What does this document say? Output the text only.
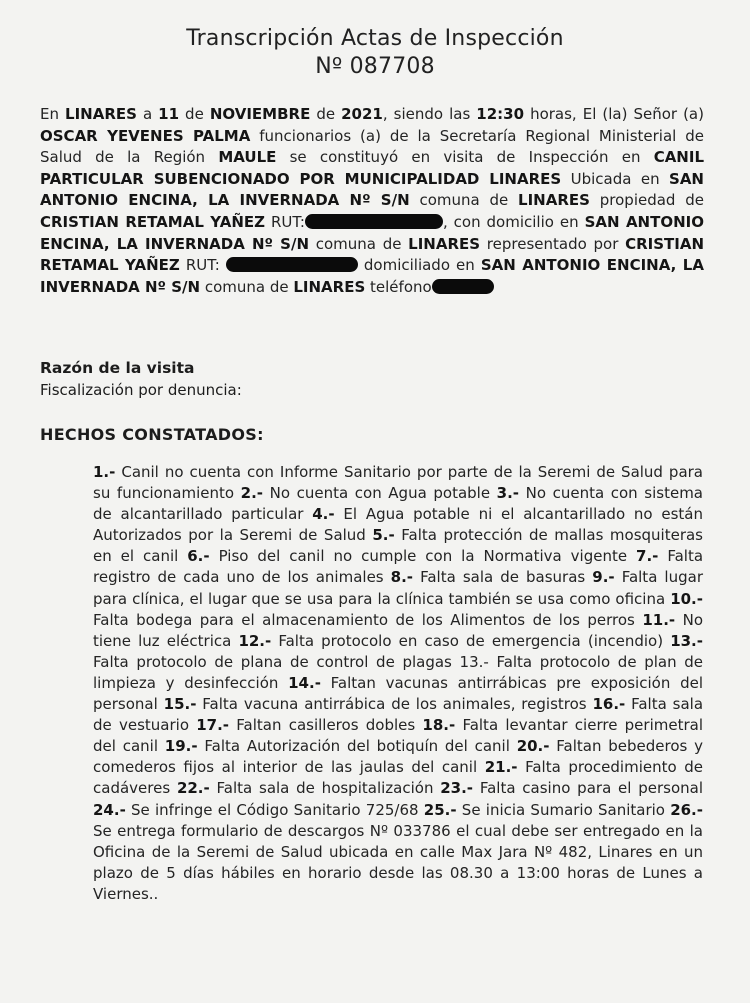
Transcripción Actas de Inspección
Nº 087708
En LINARES a 11 de NOVIEMBRE de 2021, siendo las 12:30 horas, El (la) Señor (a) OSCAR YEVENES PALMA funcionarios (a) de la Secretaría Regional Ministerial de Salud de la Región MAULE se constituyó en visita de Inspección en CANIL PARTICULAR SUBENCIONADO POR MUNICIPALIDAD LINARES Ubicada en SAN ANTONIO ENCINA, LA INVERNADA Nº S/N comuna de LINARES propiedad de CRISTIAN RETAMAL YAÑEZ RUT:	, con domicilio en SAN ANTONIO ENCINA, LA INVERNADA Nº S/N comuna de LINARES representado por CRISTIAN RETAMAL YAÑEZ RUT:	domiciliado en SAN ANTONIO ENCINA, LA INVERNADA Nº S/N comuna de LINARES teléfono
Razón de la visita
Fiscalización por denuncia:
HECHOS CONSTATADOS:
1.- Canil no cuenta con Informe Sanitario por parte de la Seremi de Salud para su funcionamiento 2.- No cuenta con Agua potable 3.- No cuenta con sistema de alcantarillado particular 4.- El Agua potable ni el alcantarillado no están Autorizados por la Seremi de Salud 5.- Falta protección de mallas mosquiteras en el canil 6.- Piso del canil no cumple con la Normativa vigente 7.- Falta registro de cada uno de los animales 8.- Falta sala de basuras 9.- Falta lugar para clínica, el lugar que se usa para la clínica también se usa como oficina 10.- Falta bodega para el almacenamiento de los Alimentos de los perros 11.- No tiene luz eléctrica 12.- Falta protocolo en caso de emergencia (incendio) 13.- Falta protocolo de plana de control de plagas 13.- Falta protocolo de plan de limpieza y desinfección 14.- Faltan vacunas antirrábicas pre exposición del personal 15.- Falta vacuna antirrábica de los animales, registros 16.- Falta sala de vestuario 17.- Faltan casilleros dobles 18.- Falta levantar cierre perimetral del canil 19.- Falta Autorización del botiquín del canil 20.- Faltan bebederos y comederos fijos al interior de las jaulas del canil 21.- Falta procedimiento de cadáveres 22.- Falta sala de hospitalización 23.- Falta casino para el personal 24.- Se infringe el Código Sanitario 725/68 25.- Se inicia Sumario Sanitario 26.- Se entrega formulario de descargos Nº 033786 el cual debe ser entregado en la Oficina de la Seremi de Salud ubicada en calle Max Jara Nº 482, Linares en un plazo de 5 días hábiles en horario desde las 08.30 a 13:00 horas de Lunes a Viernes..
